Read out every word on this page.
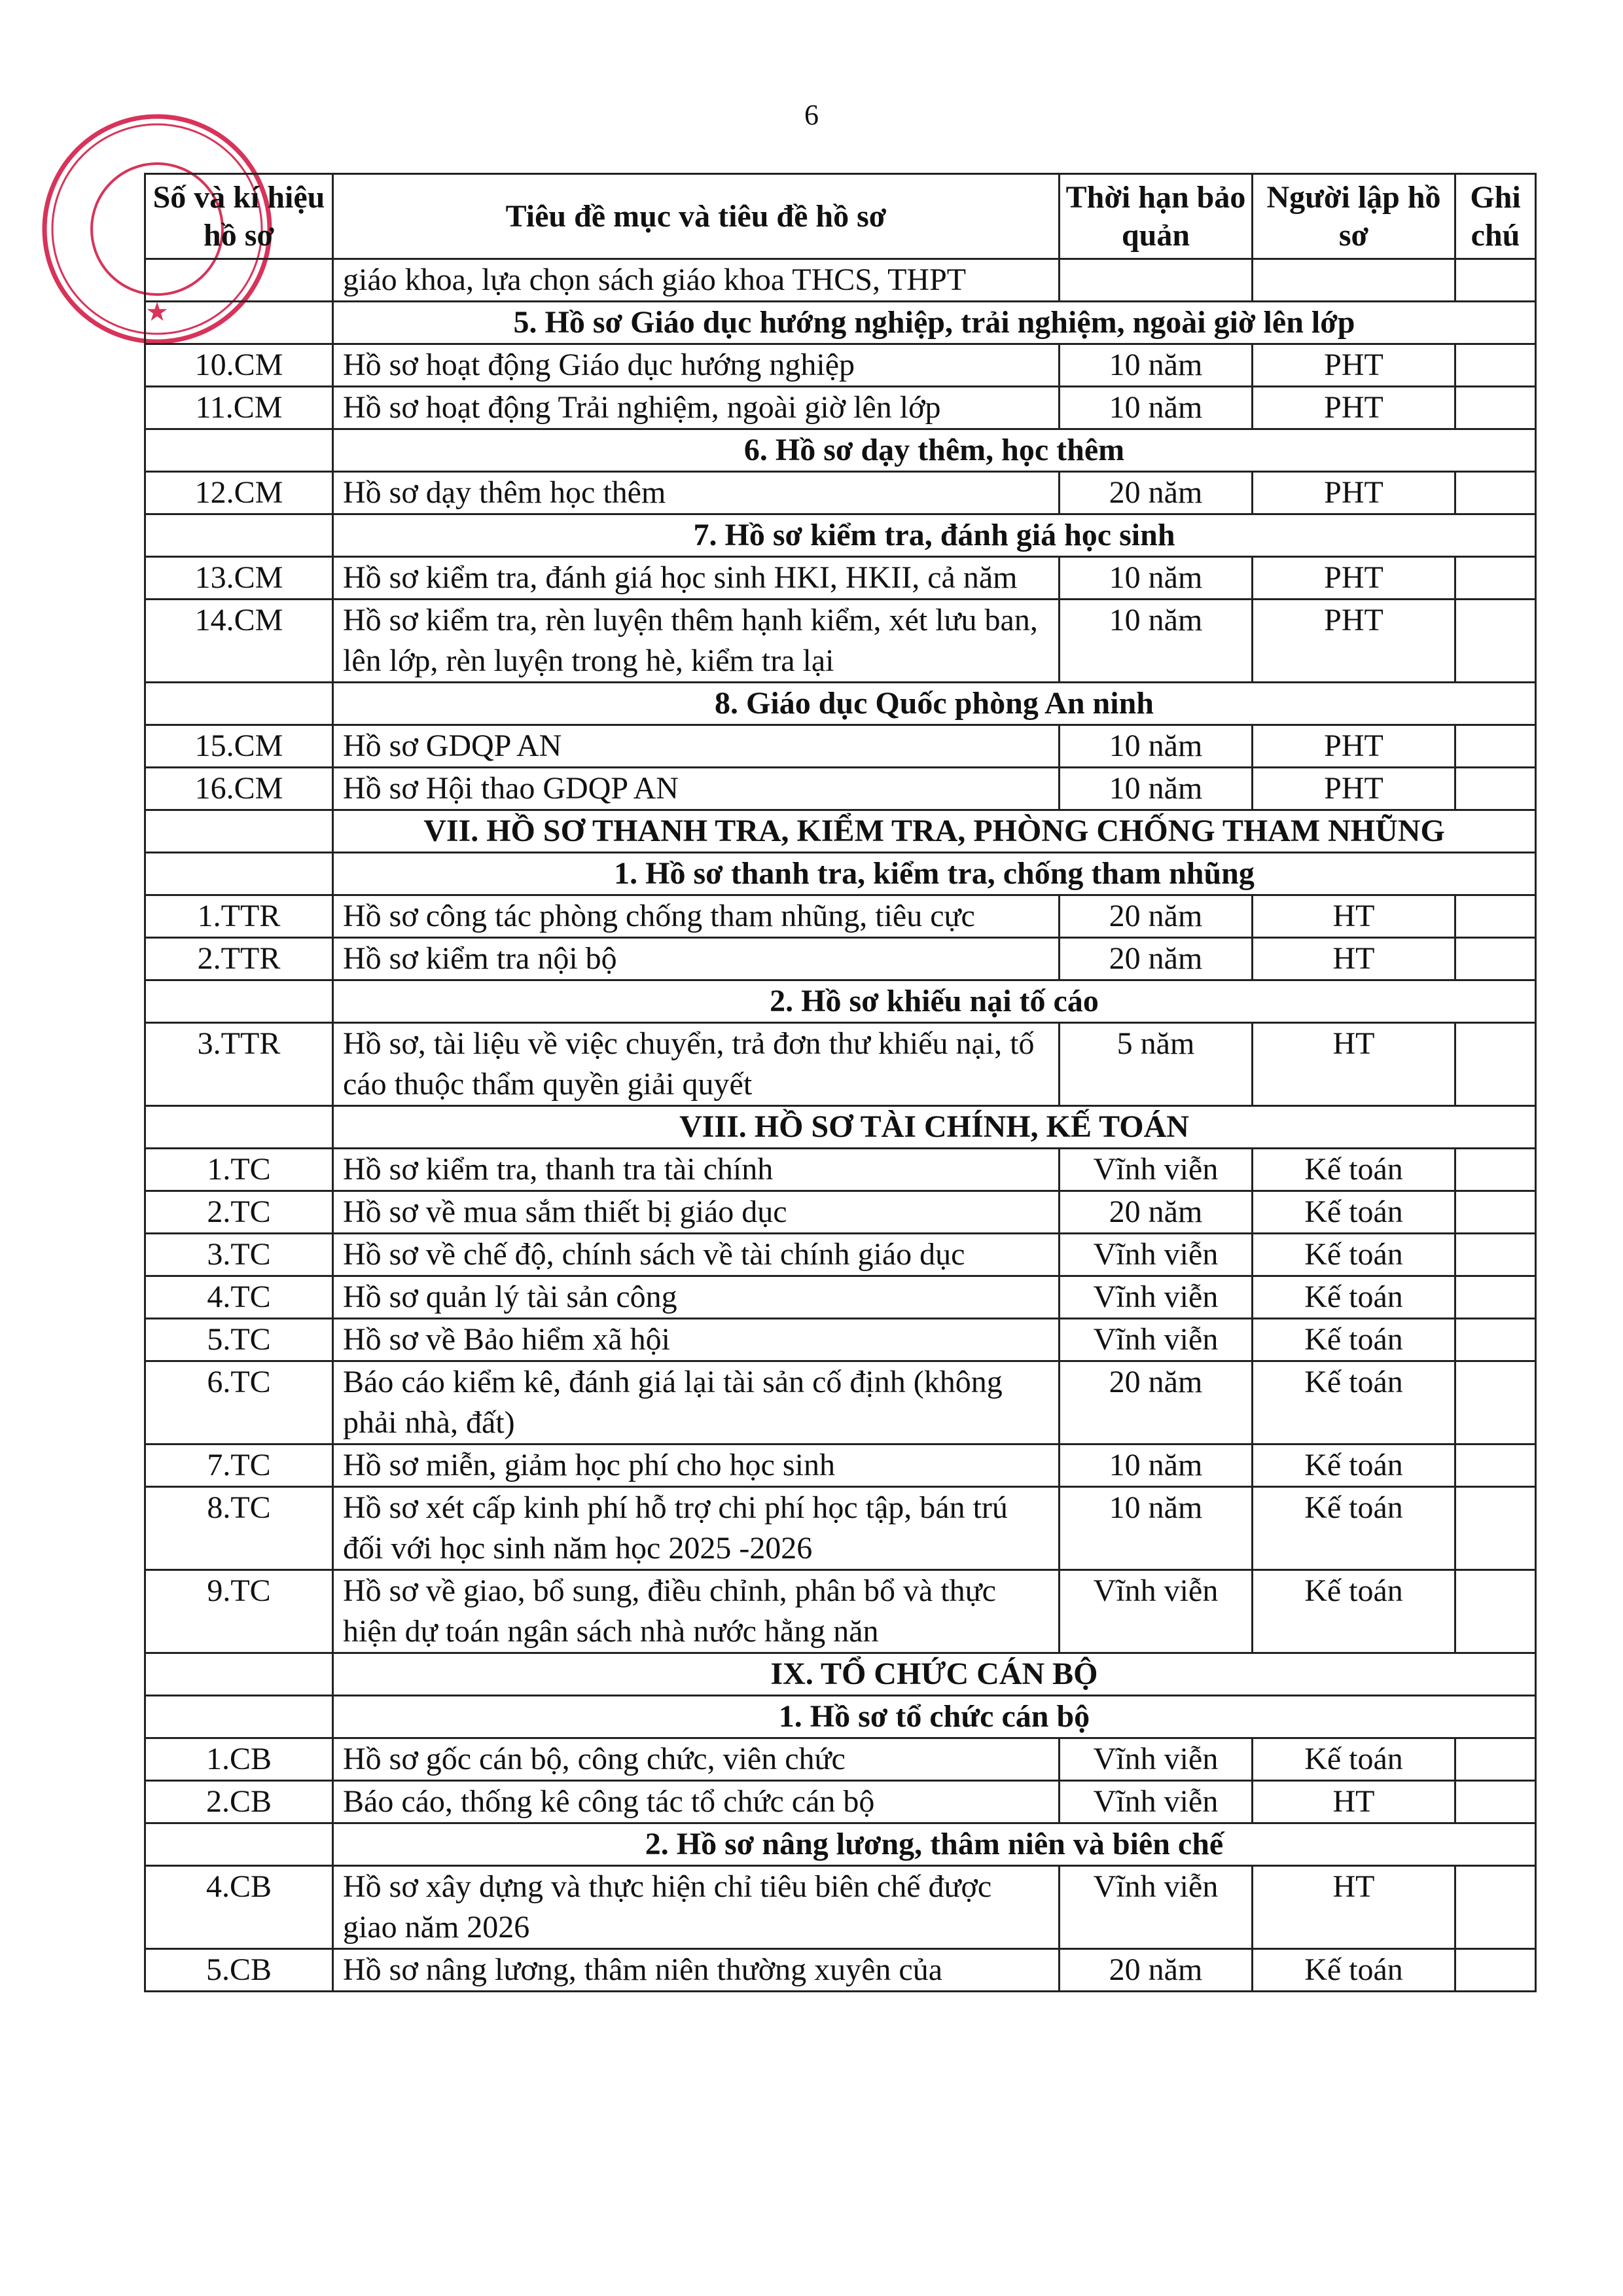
6
★
Số và kí hiệu hồ sơ	Tiêu đề mục và tiêu đề hồ sơ	Thời hạn bảo quản	Người lập hồ sơ	Ghi chú
	giáo khoa, lựa chọn sách giáo khoa THCS, THPT			
	5. Hồ sơ Giáo dục hướng nghiệp, trải nghiệm, ngoài giờ lên lớp			
10.CM	Hồ sơ hoạt động Giáo dục hướng nghiệp	10 năm	PHT	
11.CM	Hồ sơ hoạt động Trải nghiệm, ngoài giờ lên lớp	10 năm	PHT	
	6. Hồ sơ dạy thêm, học thêm			
12.CM	Hồ sơ dạy thêm học thêm	20 năm	PHT	
	7. Hồ sơ kiểm tra, đánh giá học sinh			
13.CM	Hồ sơ kiểm tra, đánh giá học sinh HKI, HKII, cả năm	10 năm	PHT	
14.CM	Hồ sơ kiểm tra, rèn luyện thêm hạnh kiểm, xét lưu ban, lên lớp, rèn luyện trong hè, kiểm tra lại	10 năm	PHT	
	8. Giáo dục Quốc phòng An ninh			
15.CM	Hồ sơ GDQP AN	10 năm	PHT	
16.CM	Hồ sơ Hội thao GDQP AN	10 năm	PHT	
	VII. HỒ SƠ THANH TRA, KIỂM TRA, PHÒNG CHỐNG THAM NHŨNG			
	1. Hồ sơ thanh tra, kiểm tra, chống tham nhũng			
1.TTR	Hồ sơ công tác phòng chống tham nhũng, tiêu cực	20 năm	HT	
2.TTR	Hồ sơ kiểm tra nội bộ	20 năm	HT	
	2. Hồ sơ khiếu nại tố cáo			
3.TTR	Hồ sơ, tài liệu về việc chuyển, trả đơn thư khiếu nại, tố cáo thuộc thẩm quyền giải quyết	5 năm	HT	
	VIII. HỒ SƠ TÀI CHÍNH, KẾ TOÁN			
1.TC	Hồ sơ kiểm tra, thanh tra tài chính	Vĩnh viễn	Kế toán	
2.TC	Hồ sơ về mua sắm thiết bị giáo dục	20 năm	Kế toán	
3.TC	Hồ sơ về chế độ, chính sách về tài chính giáo dục	Vĩnh viễn	Kế toán	
4.TC	Hồ sơ quản lý tài sản công	Vĩnh viễn	Kế toán	
5.TC	Hồ sơ về Bảo hiểm xã hội	Vĩnh viễn	Kế toán	
6.TC	Báo cáo kiểm kê, đánh giá lại tài sản cố định (không phải nhà, đất)	20 năm	Kế toán	
7.TC	Hồ sơ miễn, giảm học phí cho học sinh	10 năm	Kế toán	
8.TC	Hồ sơ xét cấp kinh phí hỗ trợ chi phí học tập, bán trú đối với học sinh năm học 2025 -2026	10 năm	Kế toán	
9.TC	Hồ sơ về giao, bổ sung, điều chỉnh, phân bổ và thực hiện dự toán ngân sách nhà nước hằng năn	Vĩnh viễn	Kế toán	
	IX. TỔ CHỨC CÁN BỘ			
	1. Hồ sơ tổ chức cán bộ			
1.CB	Hồ sơ gốc cán bộ, công chức, viên chức	Vĩnh viễn	Kế toán	
2.CB	Báo cáo, thống kê công tác tổ chức cán bộ	Vĩnh viễn	HT	
	2. Hồ sơ nâng lương, thâm niên và biên chế			
4.CB	Hồ sơ xây dựng và thực hiện chỉ tiêu biên chế được giao năm 2026	Vĩnh viễn	HT	
5.CB	Hồ sơ nâng lương, thâm niên thường xuyên của	20 năm	Kế toán	
